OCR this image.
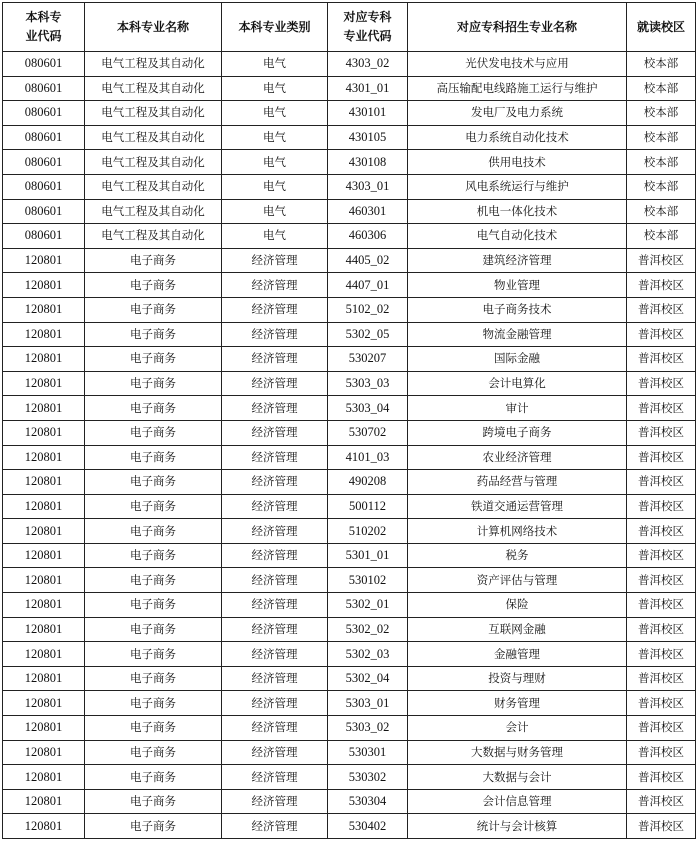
本科专业代码	本科专业名称	本科专业类别	对应专科专业代码	对应专科招生专业名称	就读校区
080601	电气工程及其自动化	电气	4303_02	光伏发电技术与应用	校本部
080601	电气工程及其自动化	电气	4301_01	高压输配电线路施工运行与维护	校本部
080601	电气工程及其自动化	电气	430101	发电厂及电力系统	校本部
080601	电气工程及其自动化	电气	430105	电力系统自动化技术	校本部
080601	电气工程及其自动化	电气	430108	供用电技术	校本部
080601	电气工程及其自动化	电气	4303_01	风电系统运行与维护	校本部
080601	电气工程及其自动化	电气	460301	机电一体化技术	校本部
080601	电气工程及其自动化	电气	460306	电气自动化技术	校本部
120801	电子商务	经济管理	4405_02	建筑经济管理	普洱校区
120801	电子商务	经济管理	4407_01	物业管理	普洱校区
120801	电子商务	经济管理	5102_02	电子商务技术	普洱校区
120801	电子商务	经济管理	5302_05	物流金融管理	普洱校区
120801	电子商务	经济管理	530207	国际金融	普洱校区
120801	电子商务	经济管理	5303_03	会计电算化	普洱校区
120801	电子商务	经济管理	5303_04	审计	普洱校区
120801	电子商务	经济管理	530702	跨境电子商务	普洱校区
120801	电子商务	经济管理	4101_03	农业经济管理	普洱校区
120801	电子商务	经济管理	490208	药品经营与管理	普洱校区
120801	电子商务	经济管理	500112	铁道交通运营管理	普洱校区
120801	电子商务	经济管理	510202	计算机网络技术	普洱校区
120801	电子商务	经济管理	5301_01	税务	普洱校区
120801	电子商务	经济管理	530102	资产评估与管理	普洱校区
120801	电子商务	经济管理	5302_01	保险	普洱校区
120801	电子商务	经济管理	5302_02	互联网金融	普洱校区
120801	电子商务	经济管理	5302_03	金融管理	普洱校区
120801	电子商务	经济管理	5302_04	投资与理财	普洱校区
120801	电子商务	经济管理	5303_01	财务管理	普洱校区
120801	电子商务	经济管理	5303_02	会计	普洱校区
120801	电子商务	经济管理	530301	大数据与财务管理	普洱校区
120801	电子商务	经济管理	530302	大数据与会计	普洱校区
120801	电子商务	经济管理	530304	会计信息管理	普洱校区
120801	电子商务	经济管理	530402	统计与会计核算	普洱校区
